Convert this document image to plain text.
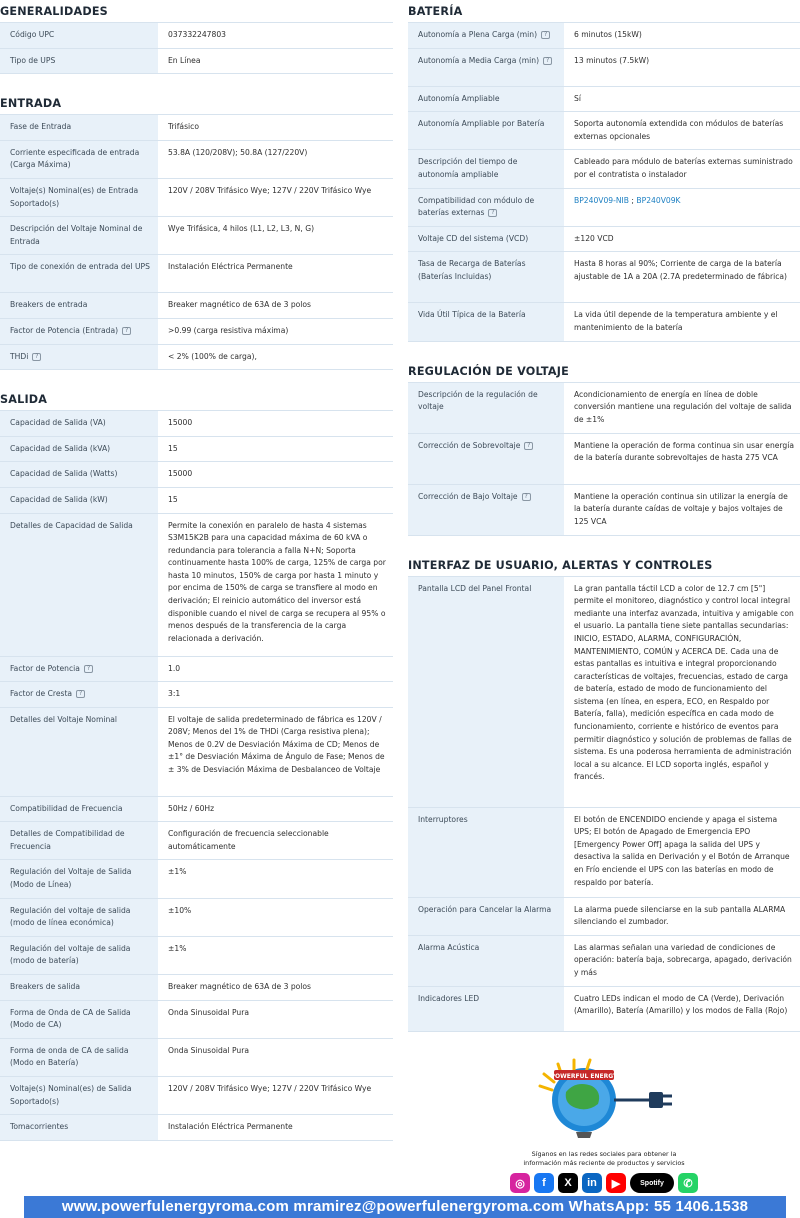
GENERALIDADES
Código UPC	037332247803
Tipo de UPS	En Línea
ENTRADA
Fase de Entrada	Trifásico
Corriente especificada de entrada (Carga Máxima)	53.8A (120/208V); 50.8A (127/220V)
Voltaje(s) Nominal(es) de Entrada Soportado(s)	120V / 208V Trifásico Wye; 127V / 220V Trifásico Wye
Descripción del Voltaje Nominal de Entrada	Wye Trifásica, 4 hilos (L1, L2, L3, N, G)
Tipo de conexión de entrada del UPS	Instalación Eléctrica Permanente
Breakers de entrada	Breaker magnético de 63A de 3 polos
Factor de Potencia (Entrada) ?	>0.99 (carga resistiva máxima)
THDi ?	< 2% (100% de carga),
SALIDA
Capacidad de Salida (VA)	15000
Capacidad de Salida (kVA)	15
Capacidad de Salida (Watts)	15000
Capacidad de Salida (kW)	15
Detalles de Capacidad de Salida	Permite la conexión en paralelo de hasta 4 sistemas S3M15K2B para una capacidad máxima de 60 kVA o redundancia para tolerancia a falla N+N; Soporta continuamente hasta 100% de carga, 125% de carga por hasta 10 minutos, 150% de carga por hasta 1 minuto y por encima de 150% de carga se transfiere al modo en derivación; El reinicio automático del inversor está disponible cuando el nivel de carga se recupera al 95% o menos después de la transferencia de la carga relacionada a derivación.
Factor de Potencia ?	1.0
Factor de Cresta ?	3:1
Detalles del Voltaje Nominal	El voltaje de salida predeterminado de fábrica es 120V / 208V; Menos del 1% de THDi (Carga resistiva plena); Menos de 0.2V de Desviación Máxima de CD; Menos de ±1° de Desviación Máxima de Ángulo de Fase; Menos de ± 3% de Desviación Máxima de Desbalanceo de Voltaje
Compatibilidad de Frecuencia	50Hz / 60Hz
Detalles de Compatibilidad de Frecuencia	Configuración de frecuencia seleccionable automáticamente
Regulación del Voltaje de Salida (Modo de Línea)	±1%
Regulación del voltaje de salida (modo de línea económica)	±10%
Regulación del voltaje de salida (modo de batería)	±1%
Breakers de salida	Breaker magnético de 63A de 3 polos
Forma de Onda de CA de Salida (Modo de CA)	Onda Sinusoidal Pura
Forma de onda de CA de salida (Modo en Batería)	Onda Sinusoidal Pura
Voltaje(s) Nominal(es) de Salida Soportado(s)	120V / 208V Trifásico Wye; 127V / 220V Trifásico Wye
Tomacorrientes	Instalación Eléctrica Permanente
BATERÍA
Autonomía a Plena Carga (min) ?	6 minutos (15kW)
Autonomía a Media Carga (min) ?	13 minutos (7.5kW)
Autonomía Ampliable	Sí
Autonomía Ampliable por Batería	Soporta autonomía extendida con módulos de baterías externas opcionales
Descripción del tiempo de autonomía ampliable	Cableado para módulo de baterías externas suministrado por el contratista o instalador
Compatibilidad con módulo de baterías externas ?	BP240V09-NIB ; BP240V09K
Voltaje CD del sistema (VCD)	±120 VCD
Tasa de Recarga de Baterías (Baterías Incluidas)	Hasta 8 horas al 90%; Corriente de carga de la batería ajustable de 1A a 20A (2.7A predeterminado de fábrica)
Vida Útil Típica de la Batería	La vida útil depende de la temperatura ambiente y el mantenimiento de la batería
REGULACIÓN DE VOLTAJE
Descripción de la regulación de voltaje	Acondicionamiento de energía en línea de doble conversión mantiene una regulación del voltaje de salida de ±1%
Corrección de Sobrevoltaje ?	Mantiene la operación de forma continua sin usar energía de la batería durante sobrevoltajes de hasta 275 VCA
Corrección de Bajo Voltaje ?	Mantiene la operación continua sin utilizar la energía de la batería durante caídas de voltaje y bajos voltajes de 125 VCA
INTERFAZ DE USUARIO, ALERTAS Y CONTROLES
Pantalla LCD del Panel Frontal	La gran pantalla táctil LCD a color de 12.7 cm [5"] permite el monitoreo, diagnóstico y control local integral mediante una interfaz avanzada, intuitiva y amigable con el usuario. La pantalla tiene siete pantallas secundarias: INICIO, ESTADO, ALARMA, CONFIGURACIÓN, MANTENIMIENTO, COMÚN y ACERCA DE. Cada una de estas pantallas es intuitiva e integral proporcionando características de voltajes, frecuencias, estado de carga de batería, estado de modo de funcionamiento del sistema (en línea, en espera, ECO, en Respaldo por Batería, falla), medición específica en cada modo de funcionamiento, corriente e histórico de eventos para permitir diagnóstico y solución de problemas de fallas de sistema. Es una poderosa herramienta de administración local a su alcance. El LCD soporta inglés, español y francés.
Interruptores	El botón de ENCENDIDO enciende y apaga el sistema UPS; El botón de Apagado de Emergencia EPO [Emergency Power Off] apaga la salida del UPS y desactiva la salida en Derivación y el Botón de Arranque en Frío enciende el UPS con las baterías en modo de respaldo por batería.
Operación para Cancelar la Alarma	La alarma puede silenciarse en la sub pantalla ALARMA silenciando el zumbador.
Alarma Acústica	Las alarmas señalan una variedad de condiciones de operación: batería baja, sobrecarga, apagado, derivación y más
Indicadores LED	Cuatro LEDs indican el modo de CA (Verde), Derivación (Amarillo), Batería (Amarillo) y los modos de Falla (Rojo)
POWERFUL ENERGY
Síganos en las redes sociales para obtener la
información más reciente de productos y servicios
◎	f	X	in	▶	Spotify	✆
www.powerfulenergyroma.com mramirez@powerfulenergyroma.com WhatsApp: 55 1406.1538
